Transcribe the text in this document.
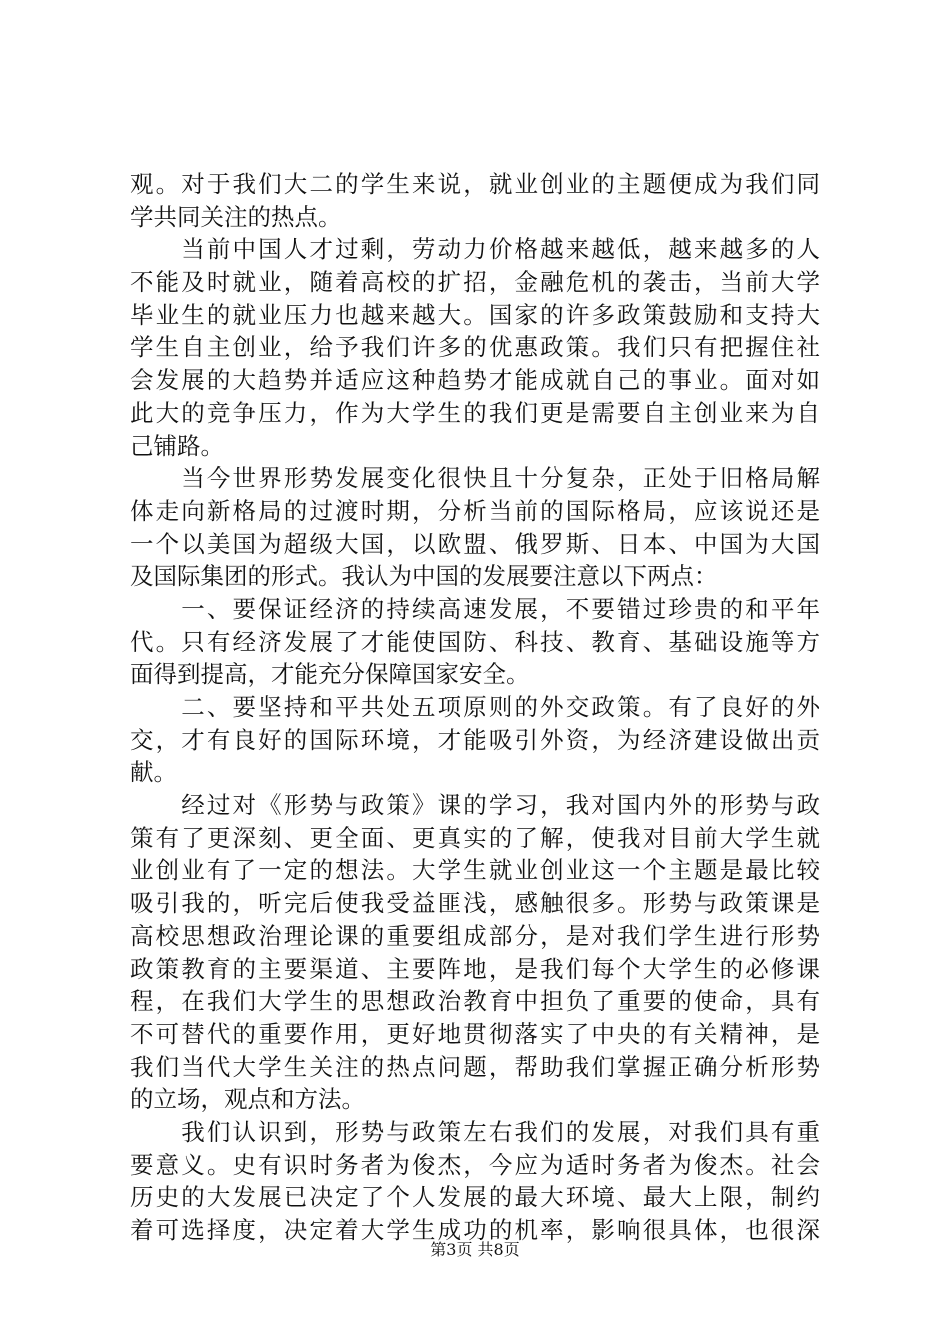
观。对于我们大二的学生来说，就业创业的主题便成为我们同
学共同关注的热点。
　　当前中国人才过剩，劳动力价格越来越低，越来越多的人
不能及时就业，随着高校的扩招，金融危机的袭击，当前大学
毕业生的就业压力也越来越大。国家的许多政策鼓励和支持大
学生自主创业，给予我们许多的优惠政策。我们只有把握住社
会发展的大趋势并适应这种趋势才能成就自己的事业。面对如
此大的竞争压力，作为大学生的我们更是需要自主创业来为自
己铺路。
　　当今世界形势发展变化很快且十分复杂，正处于旧格局解
体走向新格局的过渡时期，分析当前的国际格局，应该说还是
一个以美国为超级大国，以欧盟、俄罗斯、日本、中国为大国
及国际集团的形式。我认为中国的发展要注意以下两点：
　　一、要保证经济的持续高速发展，不要错过珍贵的和平年
代。只有经济发展了才能使国防、科技、教育、基础设施等方
面得到提高，才能充分保障国家安全。
　　二、要坚持和平共处五项原则的外交政策。有了良好的外
交，才有良好的国际环境，才能吸引外资，为经济建设做出贡
献。
　　经过对《形势与政策》课的学习，我对国内外的形势与政
策有了更深刻、更全面、更真实的了解，使我对目前大学生就
业创业有了一定的想法。大学生就业创业这一个主题是最比较
吸引我的，听完后使我受益匪浅，感触很多。形势与政策课是
高校思想政治理论课的重要组成部分，是对我们学生进行形势
政策教育的主要渠道、主要阵地，是我们每个大学生的必修课
程，在我们大学生的思想政治教育中担负了重要的使命，具有
不可替代的重要作用，更好地贯彻落实了中央的有关精神，是
我们当代大学生关注的热点问题，帮助我们掌握正确分析形势
的立场，观点和方法。
　　我们认识到，形势与政策左右我们的发展，对我们具有重
要意义。史有识时务者为俊杰，今应为适时务者为俊杰。社会
历史的大发展已决定了个人发展的最大环境、最大上限，制约
着可选择度，决定着大学生成功的机率，影响很具体，也很深
第3页 共8页
